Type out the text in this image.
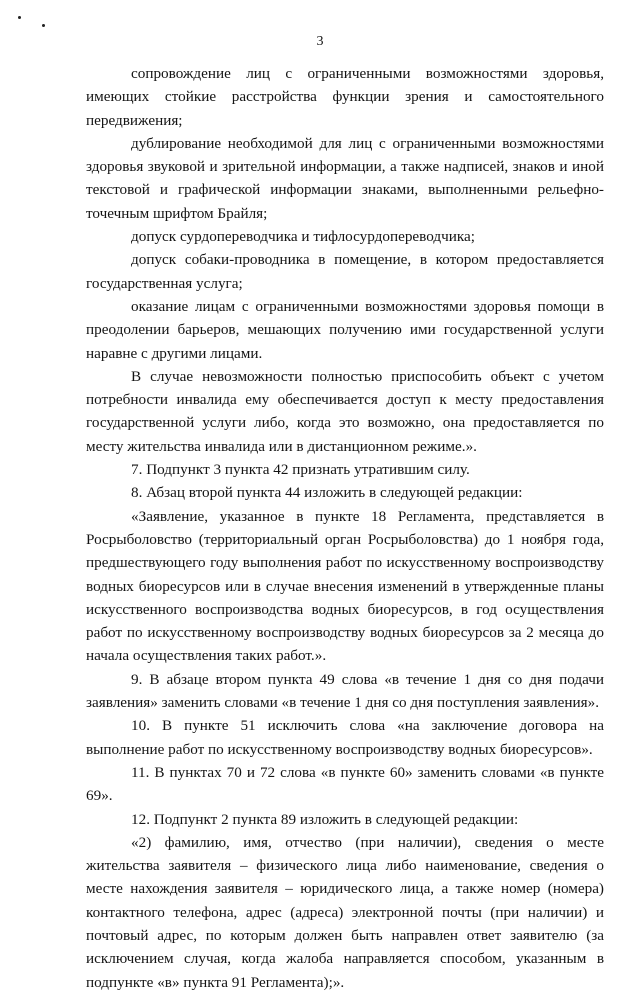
3

сопровождение лиц с ограниченными возможностями здоровья, имеющих стойкие расстройства функции зрения и самостоятельного передвижения;

дублирование необходимой для лиц с ограниченными возможностями здоровья звуковой и зрительной информации, а также надписей, знаков и иной текстовой и графической информации знаками, выполненными рельефно-точечным шрифтом Брайля;

допуск сурдопереводчика и тифлосурдопереводчика;

допуск собаки-проводника в помещение, в котором предоставляется государственная услуга;

оказание лицам с ограниченными возможностями здоровья помощи в преодолении барьеров, мешающих получению ими государственной услуги наравне с другими лицами.

В случае невозможности полностью приспособить объект с учетом потребности инвалида ему обеспечивается доступ к месту предоставления государственной услуги либо, когда это возможно, она предоставляется по месту жительства инвалида или в дистанционном режиме.».

7. Подпункт 3 пункта 42 признать утратившим силу.

8. Абзац второй пункта 44 изложить в следующей редакции:

«Заявление, указанное в пункте 18 Регламента, представляется в Росрыболовство (территориальный орган Росрыболовства) до 1 ноября года, предшествующего году выполнения работ по искусственному воспроизводству водных биоресурсов или в случае внесения изменений в утвержденные планы искусственного воспроизводства водных биоресурсов, в год осуществления работ по искусственному воспроизводству водных биоресурсов за 2 месяца до начала осуществления таких работ.».

9. В абзаце втором пункта 49 слова «в течение 1 дня со дня подачи заявления» заменить словами «в течение 1 дня со дня поступления заявления».

10. В пункте 51 исключить слова «на заключение договора на выполнение работ по искусственному воспроизводству водных биоресурсов».

11. В пунктах 70 и 72 слова «в пункте 60» заменить словами «в пункте 69».

12. Подпункт 2 пункта 89 изложить в следующей редакции:

«2) фамилию, имя, отчество (при наличии), сведения о месте жительства заявителя – физического лица либо наименование, сведения о месте нахождения заявителя – юридического лица, а также номер (номера) контактного телефона, адрес (адреса) электронной почты (при наличии) и почтовый адрес, по которым должен быть направлен ответ заявителю (за исключением случая, когда жалоба направляется способом, указанным в подпункте «в» пункта 91 Регламента);».
